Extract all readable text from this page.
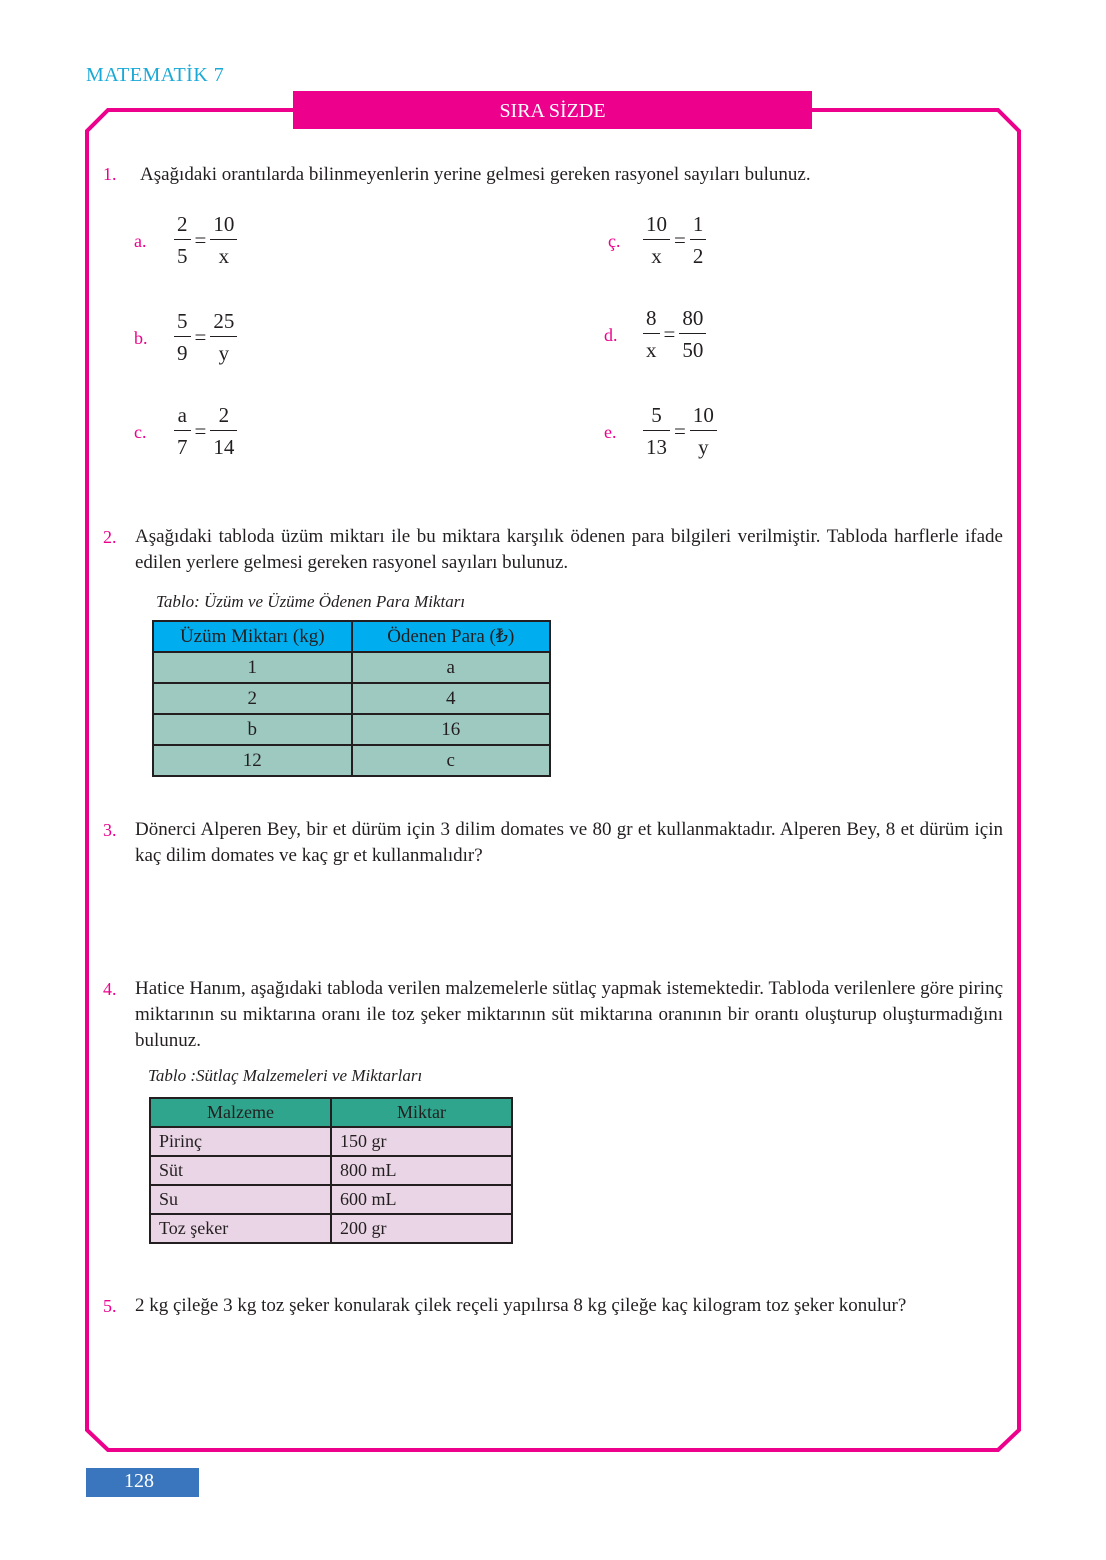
MATEMATİK 7
SIRA SİZDE
1. Aşağıdaki orantılarda bilinmeyenlerin yerine gelmesi gereken rasyonel sayıları bulunuz.
a. $\frac{2}{5} = \frac{10}{x}$
b. $\frac{5}{9} = \frac{25}{y}$
c. $\frac{a}{7} = \frac{2}{14}$
ç. $\frac{10}{x} = \frac{1}{2}$
d. $\frac{8}{x} = \frac{80}{50}$
e. $\frac{5}{13} = \frac{10}{y}$
2. Aşağıdaki tabloda üzüm miktarı ile bu miktara karşılık ödenen para bilgileri verilmiştir. Tabloda harflerle ifade edilen yerlere gelmesi gereken rasyonel sayıları bulunuz.
Tablo: Üzüm ve Üzüme Ödenen Para Miktarı
Üzüm Miktarı (kg)	Ödenen Para (₺)
1	a
2	4
b	16
12	c
3. Dönerci Alperen Bey, bir et dürüm için 3 dilim domates ve 80 gr et kullanmaktadır. Alperen Bey, 8 et dürüm için kaç dilim domates ve kaç gr et kullanmalıdır?
4. Hatice Hanım, aşağıdaki tabloda verilen malzemelerle sütlaç yapmak istemektedir. Tabloda verilenlere göre pirinç miktarının su miktarına oranı ile toz şeker miktarının süt miktarına oranının bir orantı oluşturup oluşturmadığını bulunuz.
Tablo :Sütlaç Malzemeleri ve Miktarları
Malzeme	Miktar
Pirinç	150 gr
Süt	800 mL
Su	600 mL
Toz şeker	200 gr
5. 2 kg çileğe 3 kg toz şeker konularak çilek reçeli yapılırsa 8 kg çileğe kaç kilogram toz şeker konulur?
128
